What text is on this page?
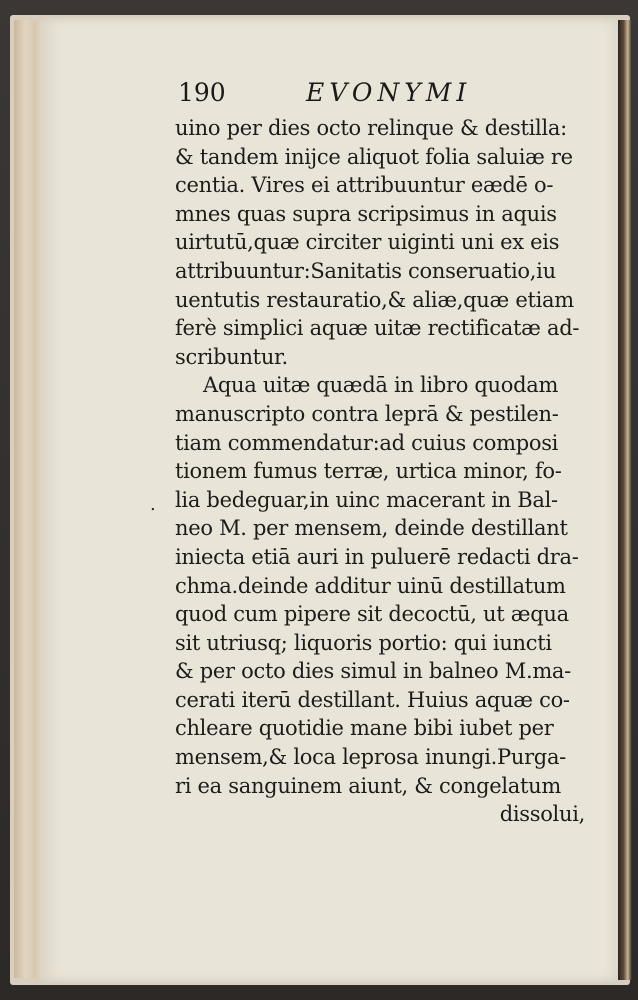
190	EVONYMI
.
uino per dies octo relinque & destilla:
& tandem inijce aliquot folia saluiæ re
centia. Vires ei attribuuntur eædē o-
mnes quas supra scripsimus in aquis
uirtutū,quæ circiter uiginti uni ex eis
attribuuntur:Sanitatis conseruatio,iu
uentutis restauratio,& aliæ,quæ etiam
ferè simplici aquæ uitæ rectificatæ ad-
scribuntur.
Aqua uitæ quædā in libro quodam
manuscripto contra leprā & pestilen-
tiam commendatur:ad cuius composi
tionem fumus terræ, urtica minor, fo-
lia bedeguar,in uinc macerant in Bal-
neo M. per mensem, deinde destillant
iniecta etiā auri in puluerē redacti dra-
chma.deinde additur uinū destillatum
quod cum pipere sit decoctū, ut æqua
sit utriusq; liquoris portio: qui iuncti
& per octo dies simul in balneo M.ma-
cerati iterū destillant. Huius aquæ co-
chleare quotidie mane bibi iubet per
mensem,& loca leprosa inungi.Purga-
ri ea sanguinem aiunt, & congelatum
dissolui,
